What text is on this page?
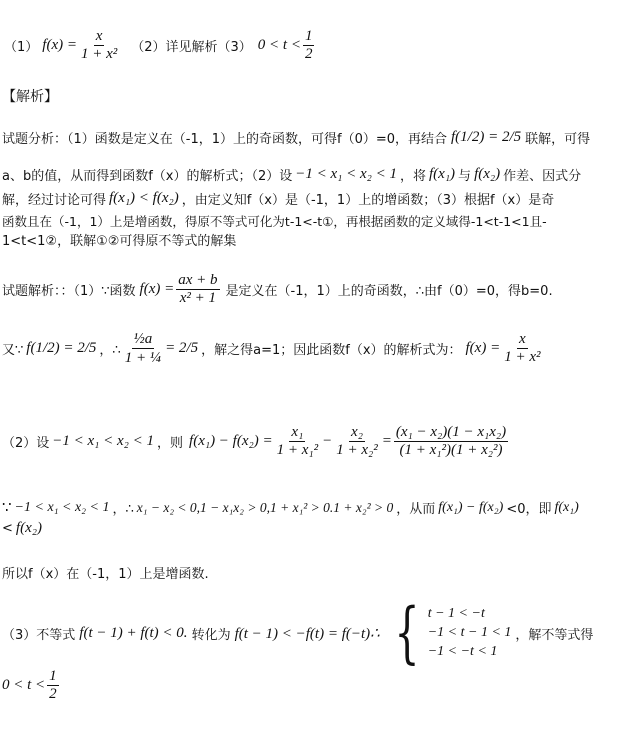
（1） $f(x) = \frac{x}{\text{1 + x²}} (2)$详见解析（3） $0 < t < \frac{1}{2}$
【解析】
试题分析：（1）函数是定义在（-1，1）上的奇函数，可得f（0）=0，再结合 f(1/2) = 2/5 联解，可得
a、b的值，从而得到函数f（x）的解析式；（2）设 −1 < x₁ < x₂ < 1 ，将 f(x₁) 与 f(x₂) 作差、因式分
解，经过讨论可得 f(x₁) < f(x₂) ，由定义知f（x）是（-1，1）上的增函数；（3）根据f（x）是奇
函数且在（-1，1）上是增函数，得原不等式可化为t-1<-t①，再根据函数的定义域得-1<t-1<1且-
1<t<1②，联解①②可得原不等式的解集
试题解析：：（1）∵函数 $f(x) = \frac{ax + b}{\text{x² + 1}}$ 是定义在（-1，1）上的奇函数，∴由f（0）=0，得b=0.
又∵ f(1/2) = 2/5 ，∴ $\frac{\text{½a}}{\text{1 + ¼}} = 2/5$ ，解之得a=1；因此函数f（x）的解析式为： $f(x) = \frac{x}{\text{1 + x²}}$
（2）设 −1 < x₁ < x₂ < 1 ，则 $f(x_1) - f(x_2) = \frac{\text{x₁}}{\text{1 + x₁²}} - \frac{\text{x₂}}{\text{1 + x₂²}} = \frac{\text{(x₁ − x₂)(1 − x₁x₂)}}{\text{(1 + x₁²)(1 + x₂²)}}$
∵ −1 < x₁ < x₂ < 1 ，∴ x₁ − x₂ < 0,1 − x₁x₂ > 0,1 + x₁² > 0.1 + x₂² > 0 ，从而 f(x₁) − f(x₂) <0，即 f(x₁)
< f(x₂)
所以f（x）在（-1，1）上是增函数.
（3）不等式 f(t − 1) + f(t) < 0. 转化为 f(t − 1) < −f(t) = f(−t)∴ { t − 1 < −t
−1 < t − 1 < 1
−1 < −t < 1
，解不等式得
$0 < t < \frac{1}{2}$
